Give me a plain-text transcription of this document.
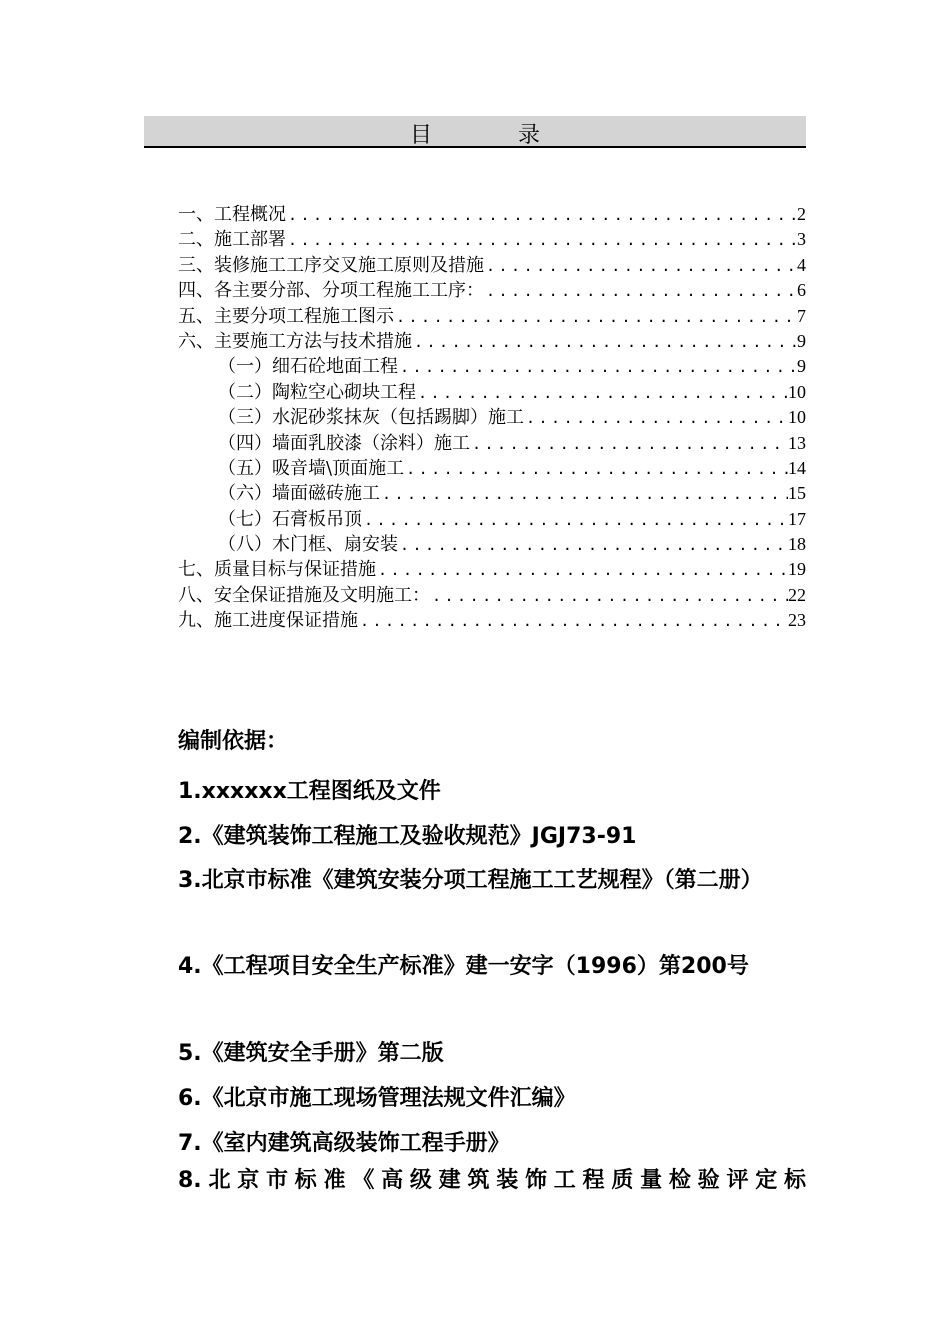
目录
一、工程概况 .....	2
二、施工部署 .....	3
三、装修施工工序交叉施工原则及措施 .....	4
四、各主要分部、分项工程施工工序： .....	6
五、主要分项工程施工图示 .....	7
六、主要施工方法与技术措施 .....	9
（一）细石砼地面工程 .....	9
（二）陶粒空心砌块工程 .....	10
（三）水泥砂浆抹灰（包括踢脚）施工 .....	10
（四）墙面乳胶漆（涂料）施工 .....	13
（五）吸音墙\顶面施工 .....	14
（六）墙面磁砖施工 .....	15
（七）石膏板吊顶 .....	17
（八）木门框、扇安装 .....	18
七、质量目标与保证措施 .....	19
八、安全保证措施及文明施工： .....	22
九、施工进度保证措施 .....	23
编制依据：
1.xxxxxx工程图纸及文件
2.《建筑装饰工程施工及验收规范》JGJ73-91
3.北京市标准《建筑安装分项工程施工工艺规程》（第二册）
4.《工程项目安全生产标准》建一安字（1996）第200号
5.《建筑安全手册》第二版
6.《北京市施工现场管理法规文件汇编》
7.《室内建筑高级装饰工程手册》
8.北京市标准《高级建筑装饰工程质量检验评定标
